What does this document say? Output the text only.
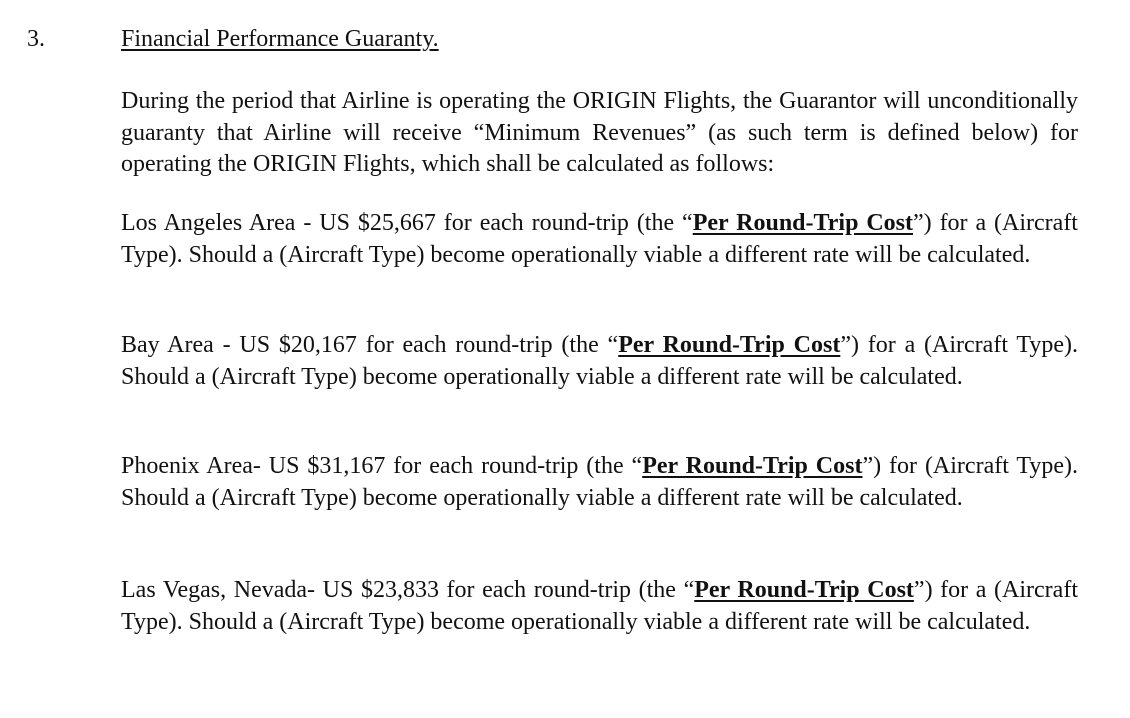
3.	Financial Performance Guaranty.

During the period that Airline is operating the ORIGIN Flights, the Guarantor will unconditionally guaranty that Airline will receive “Minimum Revenues” (as such term is defined below) for operating the ORIGIN Flights, which shall be calculated as follows:

Los Angeles Area - US $25,667 for each round-trip (the “Per Round-Trip Cost”) for a (Aircraft Type). Should a (Aircraft Type) become operationally viable a different rate will be calculated.

Bay Area - US $20,167 for each round-trip (the “Per Round-Trip Cost”) for a (Aircraft Type). Should a (Aircraft Type) become operationally viable a different rate will be calculated.

Phoenix Area- US $31,167 for each round-trip (the “Per Round-Trip Cost”) for (Aircraft Type). Should a (Aircraft Type) become operationally viable a different rate will be calculated.

Las Vegas, Nevada- US $23,833 for each round-trip (the “Per Round-Trip Cost”) for a (Aircraft Type). Should a (Aircraft Type) become operationally viable a different rate will be calculated.
